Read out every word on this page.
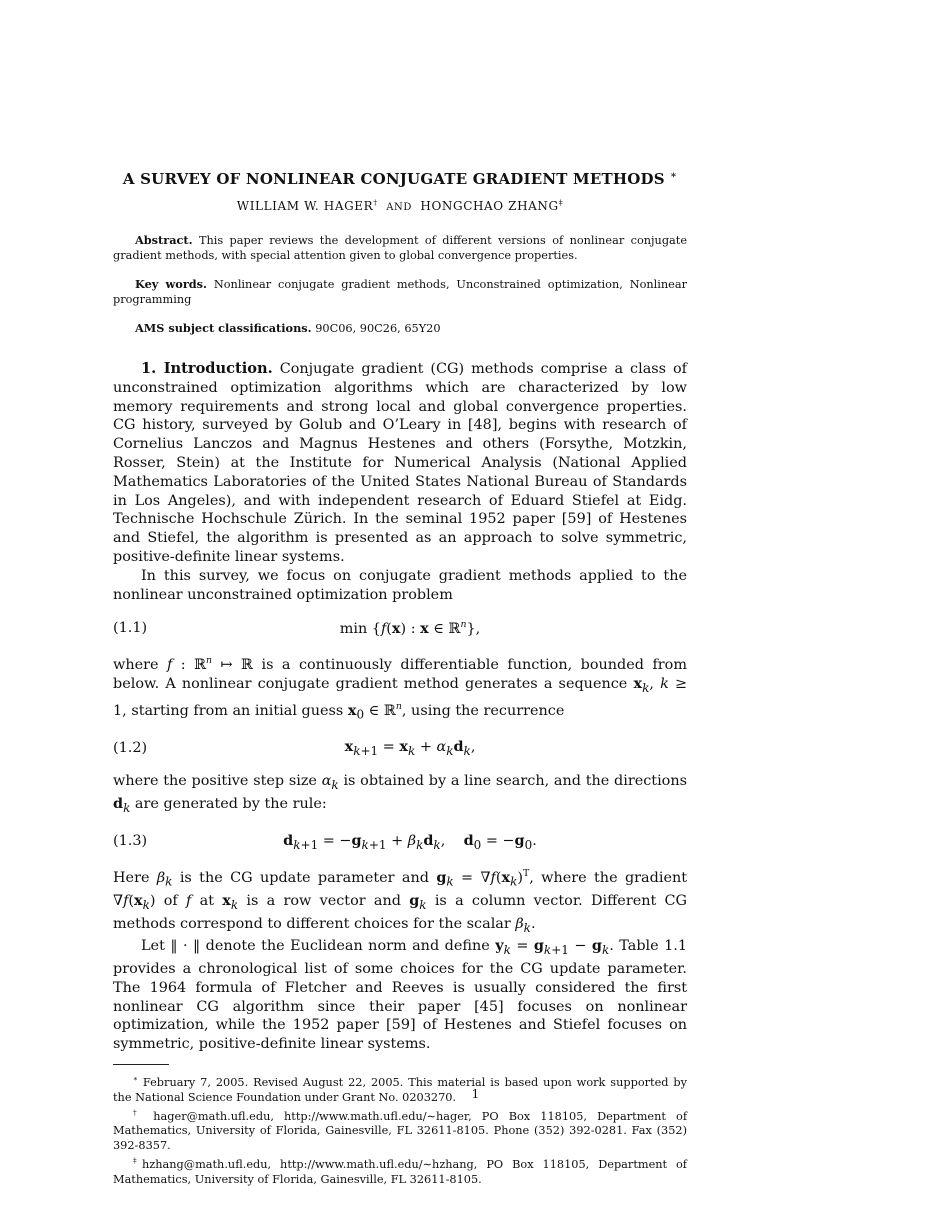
A SURVEY OF NONLINEAR CONJUGATE GRADIENT METHODS ∗
WILLIAM W. HAGER† AND HONGCHAO ZHANG‡

Abstract. This paper reviews the development of different versions of nonlinear conjugate gradient methods, with special attention given to global convergence properties.

Key words. Nonlinear conjugate gradient methods, Unconstrained optimization, Nonlinear programming

AMS subject classifications. 90C06, 90C26, 65Y20

1. Introduction. Conjugate gradient (CG) methods comprise a class of unconstrained optimization algorithms which are characterized by low memory requirements and strong local and global convergence properties. CG history, surveyed by Golub and O’Leary in [48], begins with research of Cornelius Lanczos and Magnus Hestenes and others (Forsythe, Motzkin, Rosser, Stein) at the Institute for Numerical Analysis (National Applied Mathematics Laboratories of the United States National Bureau of Standards in Los Angeles), and with independent research of Eduard Stiefel at Eidg. Technische Hochschule Zürich. In the seminal 1952 paper [59] of Hestenes and Stiefel, the algorithm is presented as an approach to solve symmetric, positive-definite linear systems.

In this survey, we focus on conjugate gradient methods applied to the nonlinear unconstrained optimization problem

(1.1)	min {f(x) : x ∈ ℝ$^n$},

where f : ℝ$^n$ ↦ ℝ is a continuously differentiable function, bounded from below. A nonlinear conjugate gradient method generates a sequence $x_k$, k ≥ 1, starting from an initial guess $x_0$ ∈ ℝ$^n$, using the recurrence

(1.2)	$x_{k+1} = x_k + \alpha_kd_k$,

where the positive step size $\alpha_k$ is obtained by a line search, and the directions $d_k$ are generated by the rule:

(1.3)	$d_{k+1} = -g_{k+1} + \beta_kd_k$,    $d_0 = -g_0$.

Here $\beta_k$ is the CG update parameter and $g_k = \nabla f(x_k)^T$, where the gradient $\nabla f(x_k)$ of f at $x_k$ is a row vector and $g_k$ is a column vector. Different CG methods correspond to different choices for the scalar $\beta_k$.

Let ‖ · ‖ denote the Euclidean norm and define $y_k = g_{k+1} - g_k$. Table 1.1 provides a chronological list of some choices for the CG update parameter. The 1964 formula of Fletcher and Reeves is usually considered the first nonlinear CG algorithm since their paper [45] focuses on nonlinear optimization, while the 1952 paper [59] of Hestenes and Stiefel focuses on symmetric, positive-definite linear systems.

∗ February 7, 2005. Revised August 22, 2005. This material is based upon work supported by the National Science Foundation under Grant No. 0203270.

† hager@math.ufl.edu, http://www.math.ufl.edu/∼hager, PO Box 118105, Department of Mathematics, University of Florida, Gainesville, FL 32611-8105. Phone (352) 392-0281. Fax (352) 392-8357.

‡hzhang@math.ufl.edu, http://www.math.ufl.edu/∼hzhang, PO Box 118105, Department of Mathematics, University of Florida, Gainesville, FL 32611-8105.

1
